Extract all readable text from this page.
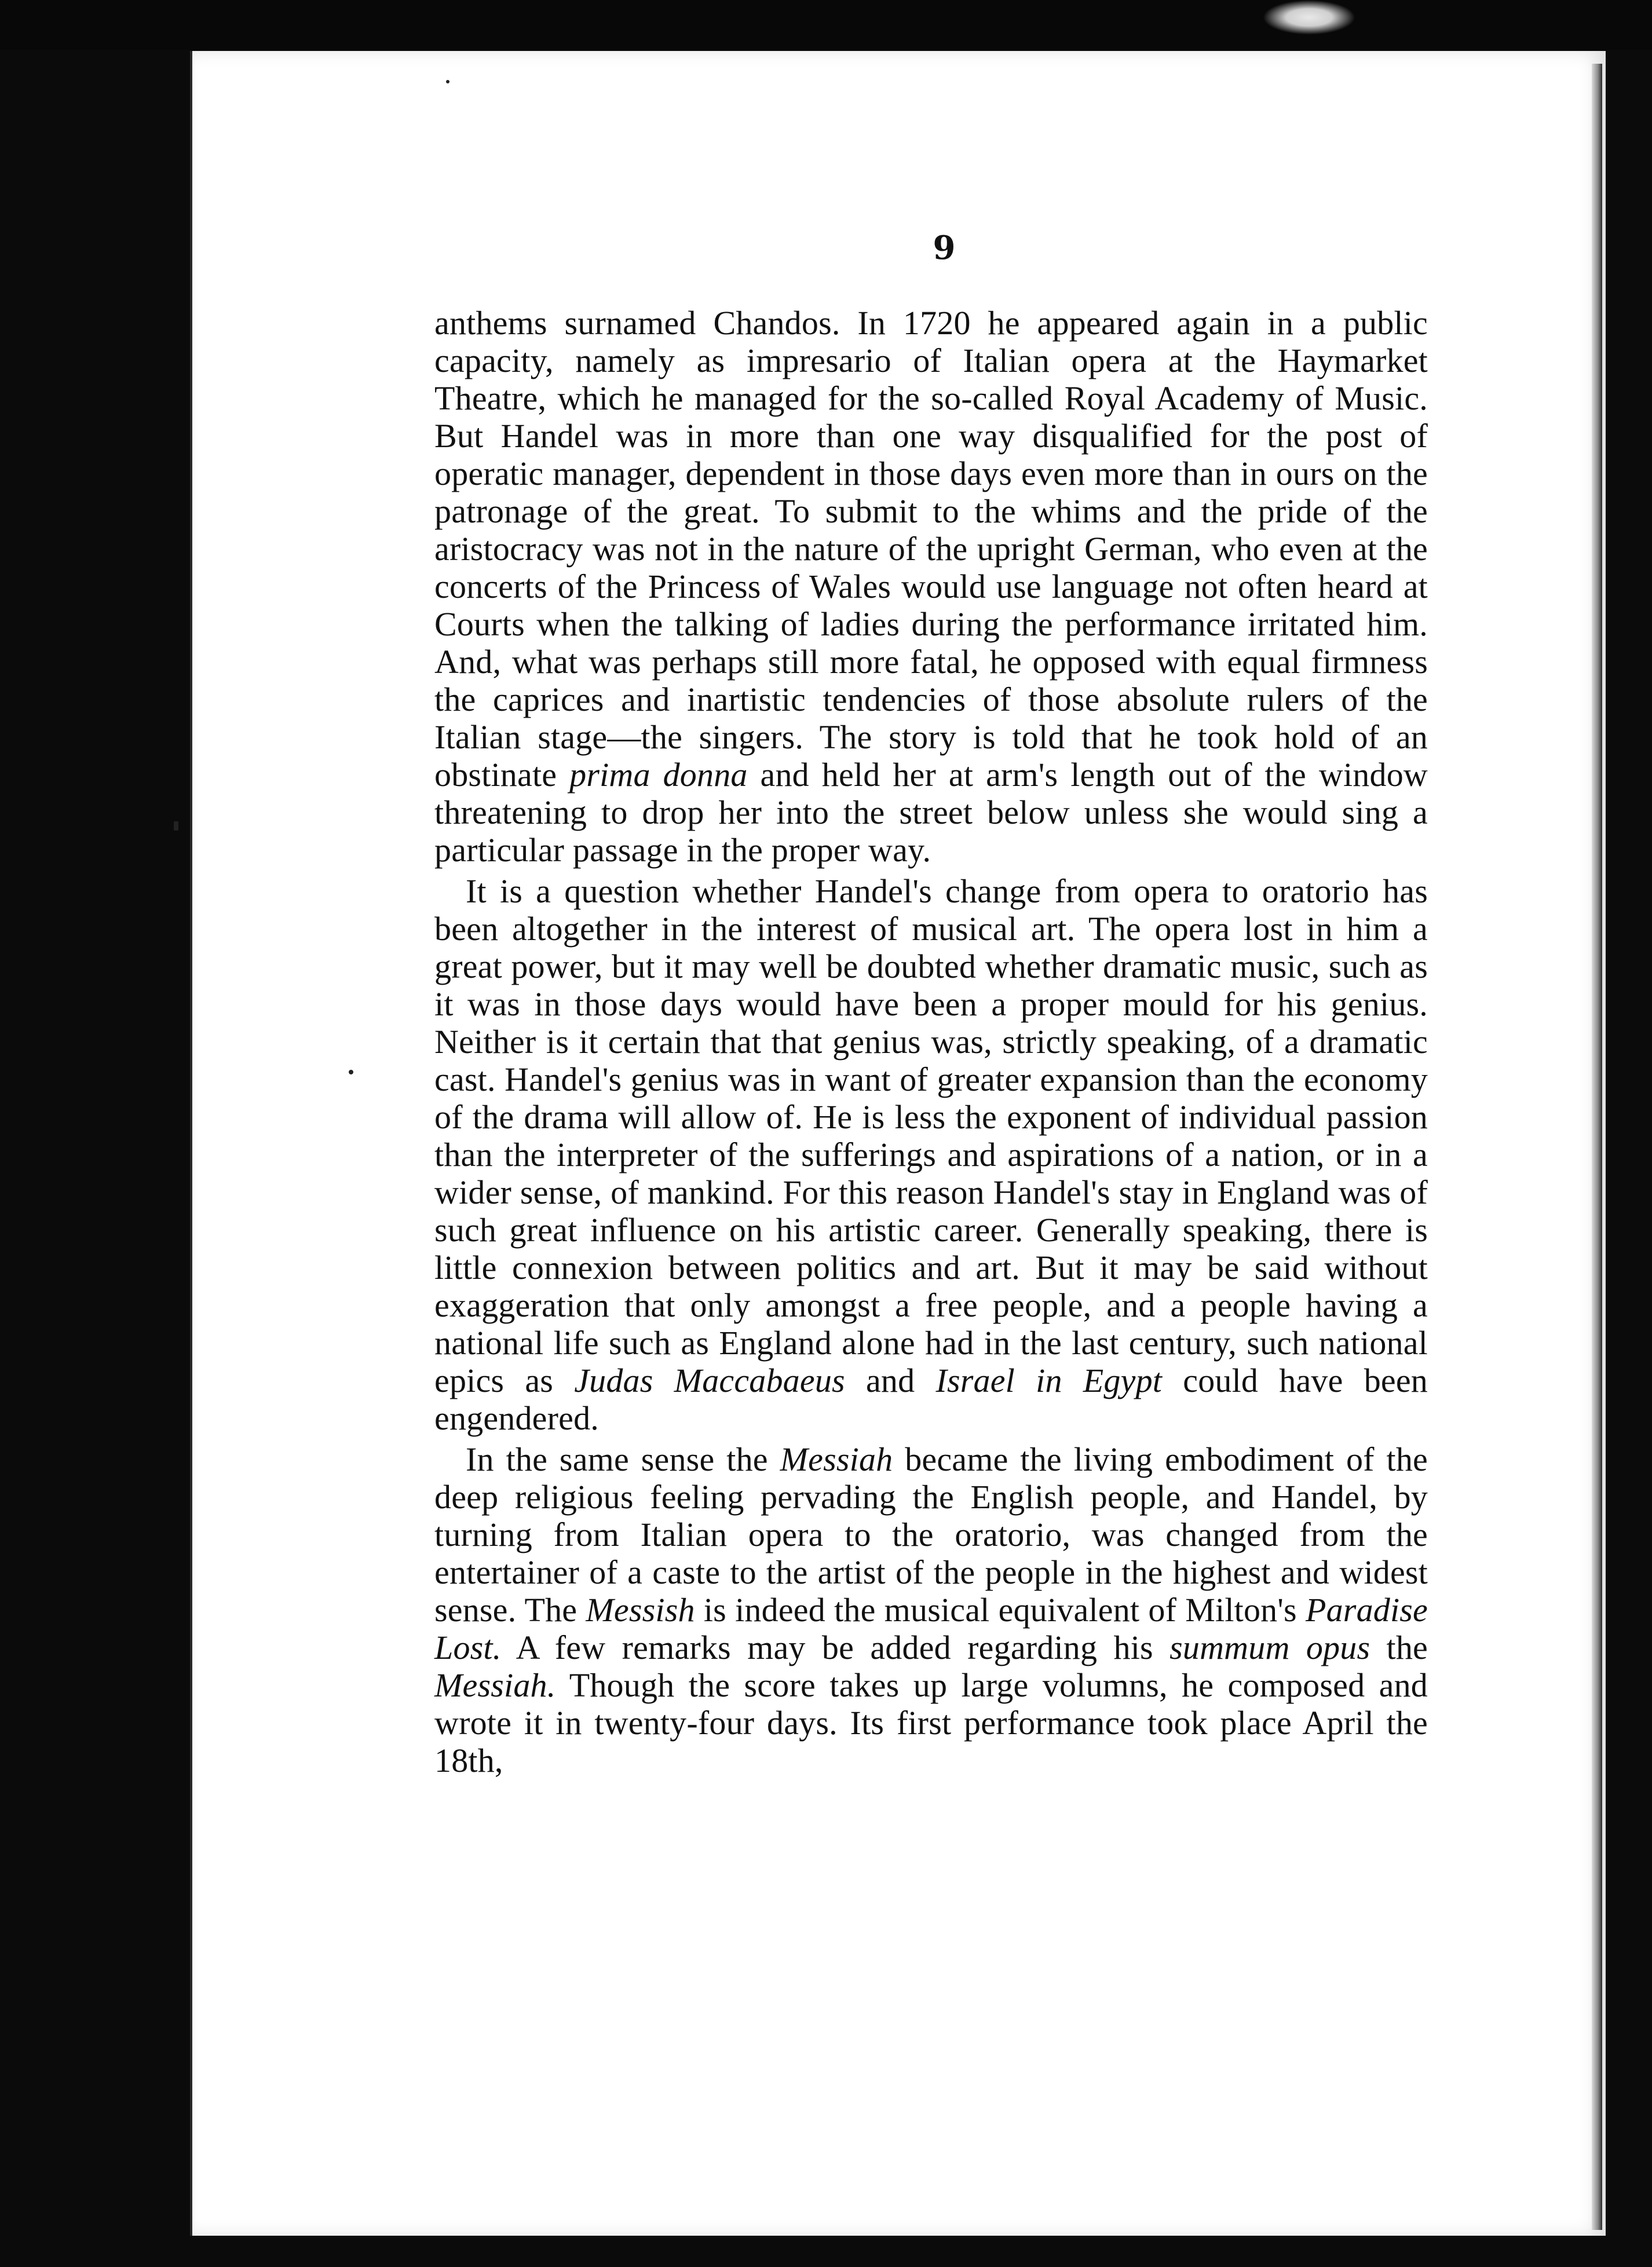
9

anthems surnamed Chandos. In 1720 he appeared again in a public capacity, namely as impresario of Italian opera at the Haymarket Theatre, which he managed for the so-called Royal Academy of Music. But Handel was in more than one way disqualified for the post of operatic manager, dependent in those days even more than in ours on the patronage of the great. To submit to the whims and the pride of the aristocracy was not in the nature of the upright German, who even at the concerts of the Princess of Wales would use language not often heard at Courts when the talking of ladies during the performance irritated him. And, what was perhaps still more fatal, he opposed with equal firmness the caprices and inartistic tendencies of those absolute rulers of the Italian stage—the singers. The story is told that he took hold of an obstinate prima donna and held her at arm's length out of the window threatening to drop her into the street below unless she would sing a particular passage in the proper way.

It is a question whether Handel's change from opera to oratorio has been altogether in the interest of musical art. The opera lost in him a great power, but it may well be doubted whether dramatic music, such as it was in those days would have been a proper mould for his genius. Neither is it certain that that genius was, strictly speaking, of a dramatic cast. Handel's genius was in want of greater expansion than the economy of the drama will allow of. He is less the exponent of individual passion than the interpreter of the sufferings and aspirations of a nation, or in a wider sense, of mankind. For this reason Handel's stay in England was of such great influence on his artistic career. Generally speaking, there is little connexion between politics and art. But it may be said without exaggeration that only amongst a free people, and a people having a national life such as England alone had in the last century, such national epics as Judas Maccabaeus and Israel in Egypt could have been engendered.

In the same sense the Messiah became the living embodiment of the deep religious feeling pervading the English people, and Handel, by turning from Italian opera to the oratorio, was changed from the entertainer of a caste to the artist of the people in the highest and widest sense. The Messish is indeed the musical equivalent of Milton's Paradise Lost. A few remarks may be added regarding his summum opus the Messiah. Though the score takes up large volumns, he composed and wrote it in twenty-four days. Its first performance took place April the 18th,
